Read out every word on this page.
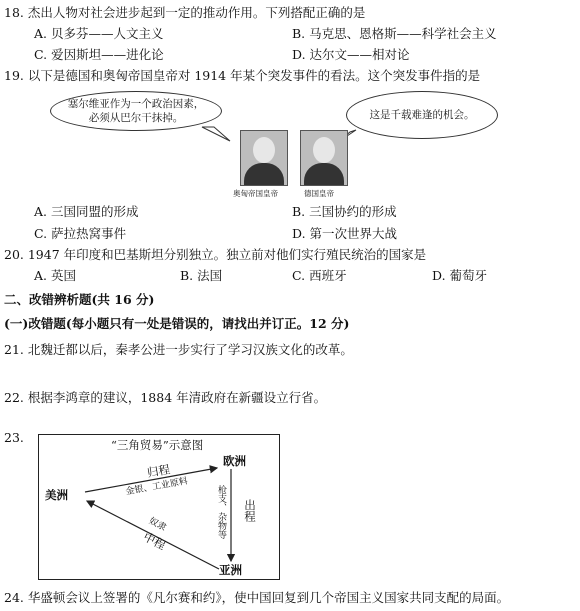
18. 杰出人物对社会进步起到一定的推动作用。下列搭配正确的是
A. 贝多芬——人文主义	B. 马克思、恩格斯——科学社会主义
C. 爱因斯坦——进化论	D. 达尔文——相对论
19. 以下是德国和奥匈帝国皇帝对 1914 年某个突发事件的看法。这个突发事件指的是
塞尔维亚作为一个政治因素，必须从巴尔干抹掉。	这是千载难逢的机会。
奥匈帝国皇帝	德国皇帝
A. 三国同盟的形成	B. 三国协约的形成
C. 萨拉热窝事件	D. 第一次世界大战
20. 1947 年印度和巴基斯坦分别独立。独立前对他们实行殖民统治的国家是
A. 英国	B. 法国	C. 西班牙	D. 葡萄牙
二、改错辨析题(共 16 分)
(一)改错题(每小题只有一处是错误的，请找出并订正。12 分)
21. 北魏迁都以后，秦孝公进一步实行了学习汉族文化的改革。
22. 根据李鸿章的建议，1884 年清政府在新疆设立行省。
23.	“三角贸易”示意图
欧洲
美洲
亚洲
归程
金银、工业原料
出程
枪支、杂物等
中程
奴隶
24. 华盛顿会议上签署的《凡尔赛和约》，使中国回复到几个帝国主义国家共同支配的局面。
